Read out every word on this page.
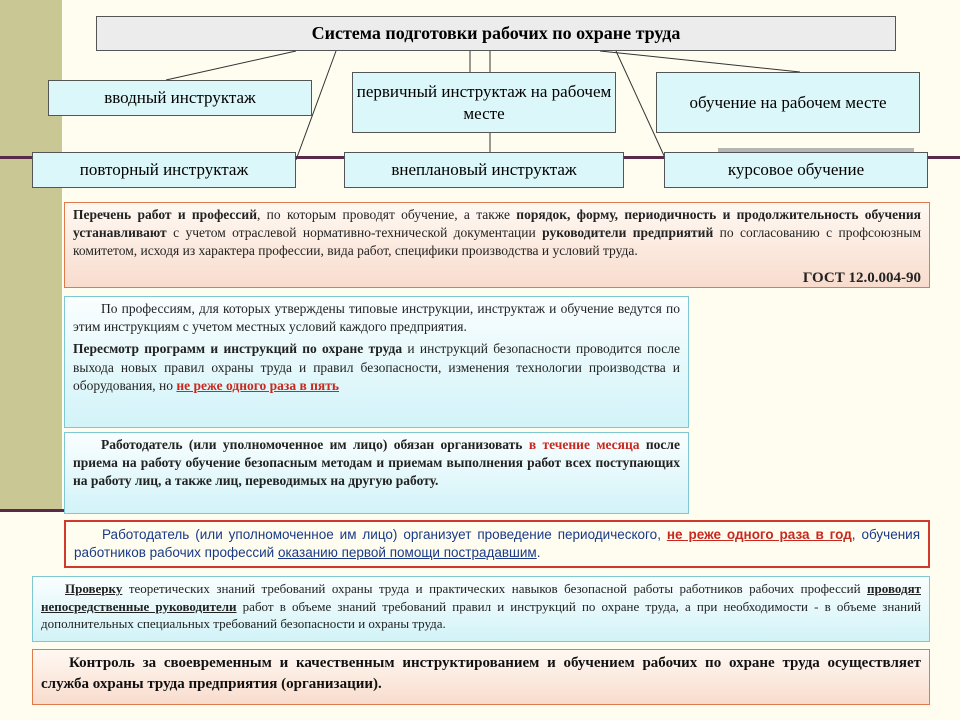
Система подготовки рабочих по охране труда
вводный инструктаж	первичный инструктаж на рабочем месте
обучение на рабочем месте
повторный инструктаж	внеплановый инструктаж	курсовое обучение

Перечень работ и профессий, по которым проводят обучение, а также порядок, форму, периодичность и продолжительность обучения устанавливают с учетом отраслевой нормативно-технической документации руководители предприятий по согласованию с профсоюзным комитетом, исходя из характера профессии, вида работ, специфики производства и условий труда.

ГОСТ 12.0.004-90

По профессиям, для которых утверждены типовые инструкции, инструктаж и обучение ведутся по этим инструкциям с учетом местных условий каждого предприятия.

Пересмотр программ и инструкций по охране труда и инструкций безопасности проводится после выхода новых правил охраны труда и правил безопасности, изменения технологии производства и оборудования, но не реже одного раза в пять

Работодатель (или уполномоченное им лицо) обязан организовать в течение месяца после приема на работу обучение безопасным методам и приемам выполнения работ всех поступающих на работу лиц, а также лиц, переводимых на другую работу.

Работодатель (или уполномоченное им лицо) организует проведение периодического, не реже одного раза в год, обучения работников рабочих профессий оказанию первой помощи пострадавшим.

Проверку теоретических знаний требований охраны труда и практических навыков безопасной работы работников рабочих профессий проводят непосредственные руководители работ в объеме знаний требований правил и инструкций по охране труда, а при необходимости - в объеме знаний дополнительных специальных требований безопасности и охраны труда.

Контроль за своевременным и качественным инструктированием и обучением рабочих по охране труда осуществляет служба охраны труда предприятия (организации).
